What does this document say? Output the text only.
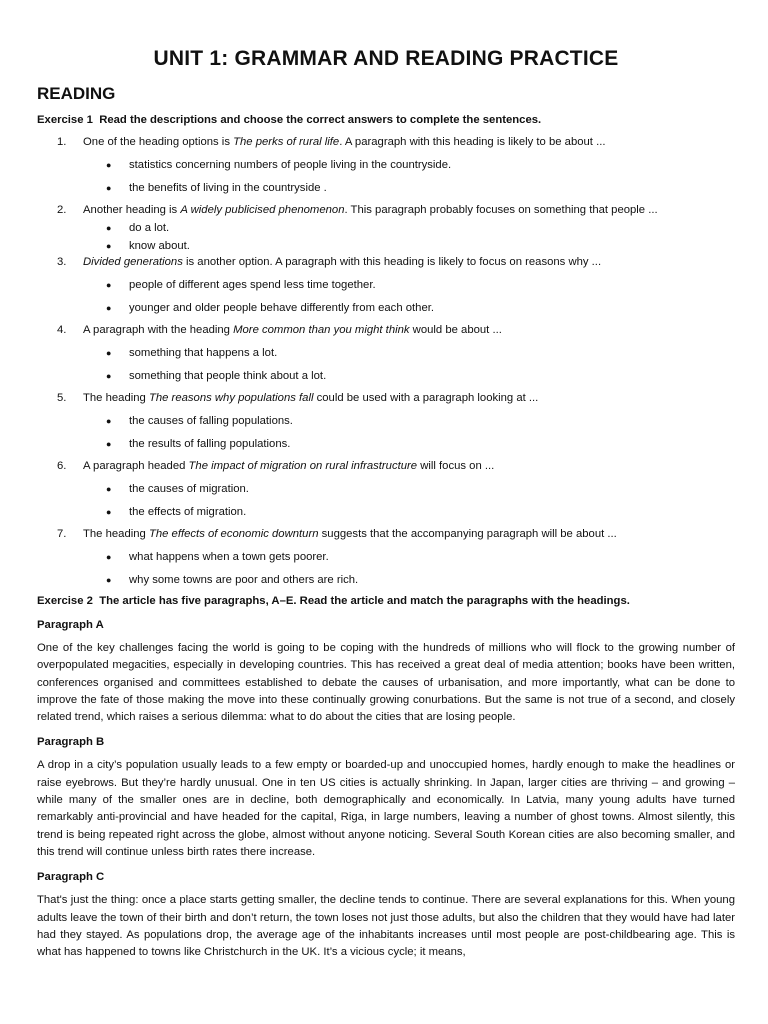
UNIT 1: GRAMMAR AND READING PRACTICE
READING
Exercise 1 Read the descriptions and choose the correct answers to complete the sentences.
1. One of the heading options is The perks of rural life. A paragraph with this heading is likely to be about ...
● statistics concerning numbers of people living in the countryside.
● the benefits of living in the countryside .
2. Another heading is A widely publicised phenomenon. This paragraph probably focuses on something that people ...
● do a lot.
● know about.
3. Divided generations is another option. A paragraph with this heading is likely to focus on reasons why ...
● people of different ages spend less time together.
● younger and older people behave differently from each other.
4. A paragraph with the heading More common than you might think would be about ...
● something that happens a lot.
● something that people think about a lot.
5. The heading The reasons why populations fall could be used with a paragraph looking at ...
● the causes of falling populations.
● the results of falling populations.
6. A paragraph headed The impact of migration on rural infrastructure will focus on ...
● the causes of migration.
● the effects of migration.
7. The heading The effects of economic downturn suggests that the accompanying paragraph will be about ...
● what happens when a town gets poorer.
● why some towns are poor and others are rich.
Exercise 2 The article has five paragraphs, A–E. Read the article and match the paragraphs with the headings.
Paragraph A
One of the key challenges facing the world is going to be coping with the hundreds of millions who will flock to the growing number of overpopulated megacities, especially in developing countries. This has received a great deal of media attention; books have been written, conferences organised and committees established to debate the causes of urbanisation, and more importantly, what can be done to improve the fate of those making the move into these continually growing conurbations. But the same is not true of a second, and closely related trend, which raises a serious dilemma: what to do about the cities that are losing people.
Paragraph B
A drop in a city’s population usually leads to a few empty or boarded-up and unoccupied homes, hardly enough to make the headlines or raise eyebrows. But they’re hardly unusual. One in ten US cities is actually shrinking. In Japan, larger cities are thriving – and growing – while many of the smaller ones are in decline, both demographically and economically. In Latvia, many young adults have turned remarkably anti-provincial and have headed for the capital, Riga, in large numbers, leaving a number of ghost towns. Almost silently, this trend is being repeated right across the globe, almost without anyone noticing. Several South Korean cities are also becoming smaller, and this trend will continue unless birth rates there increase.
Paragraph C
That's just the thing: once a place starts getting smaller, the decline tends to continue. There are several explanations for this. When young adults leave the town of their birth and don’t return, the town loses not just those adults, but also the children that they would have had later had they stayed. As populations drop, the average age of the inhabitants increases until most people are post-childbearing age. This is what has happened to towns like Christchurch in the UK. It’s a vicious cycle; it means,
